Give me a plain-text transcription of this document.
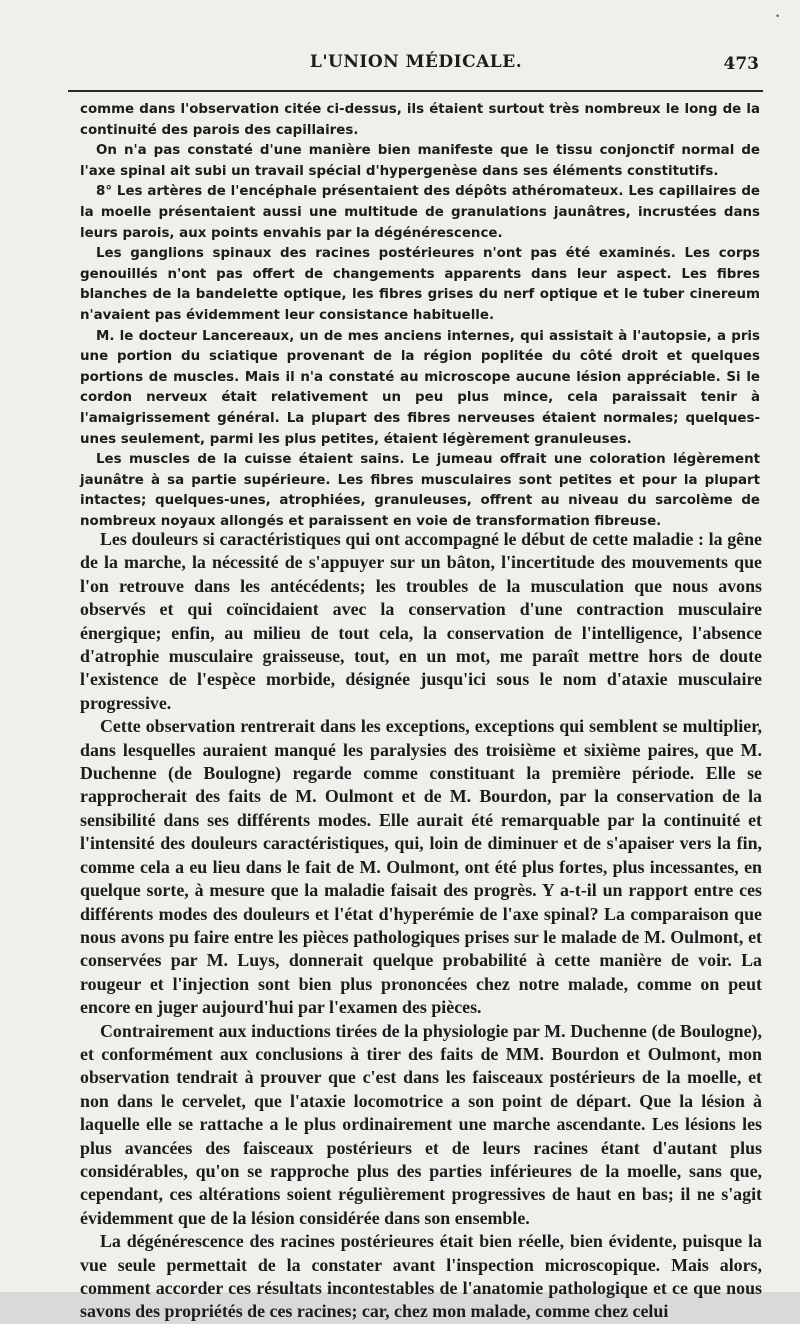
•
L'UNION MÉDICALE.	473

comme dans l'observation citée ci-dessus, ils étaient surtout très nombreux le long de la continuité des parois des capillaires.

On n'a pas constaté d'une manière bien manifeste que le tissu conjonctif normal de l'axe spinal ait subi un travail spécial d'hypergenèse dans ses éléments constitutifs.

8° Les artères de l'encéphale présentaient des dépôts athéromateux. Les capillaires de la moelle présentaient aussi une multitude de granulations jaunâtres, incrustées dans leurs parois, aux points envahis par la dégénérescence.

Les ganglions spinaux des racines postérieures n'ont pas été examinés. Les corps genouillés n'ont pas offert de changements apparents dans leur aspect. Les fibres blanches de la bandelette optique, les fibres grises du nerf optique et le tuber cinereum n'avaient pas évidemment leur consistance habituelle.

M. le docteur Lancereaux, un de mes anciens internes, qui assistait à l'autopsie, a pris une portion du sciatique provenant de la région poplitée du côté droit et quelques portions de muscles. Mais il n'a constaté au microscope aucune lésion appréciable. Si le cordon nerveux était relativement un peu plus mince, cela paraissait tenir à l'amaigrissement général. La plupart des fibres nerveuses étaient normales; quelques-unes seulement, parmi les plus petites, étaient légèrement granuleuses.

Les muscles de la cuisse étaient sains. Le jumeau offrait une coloration légèrement jaunâtre à sa partie supérieure. Les fibres musculaires sont petites et pour la plupart intactes; quelques-unes, atrophiées, granuleuses, offrent au niveau du sarcolème de nombreux noyaux allongés et paraissent en voie de transformation fibreuse.

Les douleurs si caractéristiques qui ont accompagné le début de cette maladie : la gêne de la marche, la nécessité de s'appuyer sur un bâton, l'incertitude des mouvements que l'on retrouve dans les antécédents; les troubles de la musculation que nous avons observés et qui coïncidaient avec la conservation d'une contraction musculaire énergique; enfin, au milieu de tout cela, la conservation de l'intelligence, l'absence d'atrophie musculaire graisseuse, tout, en un mot, me paraît mettre hors de doute l'existence de l'espèce morbide, désignée jusqu'ici sous le nom d'ataxie musculaire progressive.

Cette observation rentrerait dans les exceptions, exceptions qui semblent se multiplier, dans lesquelles auraient manqué les paralysies des troisième et sixième paires, que M. Duchenne (de Boulogne) regarde comme constituant la première période. Elle se rapprocherait des faits de M. Oulmont et de M. Bourdon, par la conservation de la sensibilité dans ses différents modes. Elle aurait été remarquable par la continuité et l'intensité des douleurs caractéristiques, qui, loin de diminuer et de s'apaiser vers la fin, comme cela a eu lieu dans le fait de M. Oulmont, ont été plus fortes, plus incessantes, en quelque sorte, à mesure que la maladie faisait des progrès. Y a-t-il un rapport entre ces différents modes des douleurs et l'état d'hyperémie de l'axe spinal? La comparaison que nous avons pu faire entre les pièces pathologiques prises sur le malade de M. Oulmont, et conservées par M. Luys, donnerait quelque probabilité à cette manière de voir. La rougeur et l'injection sont bien plus prononcées chez notre malade, comme on peut encore en juger aujourd'hui par l'examen des pièces.

Contrairement aux inductions tirées de la physiologie par M. Duchenne (de Boulogne), et conformément aux conclusions à tirer des faits de MM. Bourdon et Oulmont, mon observation tendrait à prouver que c'est dans les faisceaux postérieurs de la moelle, et non dans le cervelet, que l'ataxie locomotrice a son point de départ. Que la lésion à laquelle elle se rattache a le plus ordinairement une marche ascendante. Les lésions les plus avancées des faisceaux postérieurs et de leurs racines étant d'autant plus considérables, qu'on se rapproche plus des parties inférieures de la moelle, sans que, cependant, ces altérations soient régulièrement progressives de haut en bas; il ne s'agit évidemment que de la lésion considérée dans son ensemble.

La dégénérescence des racines postérieures était bien réelle, bien évidente, puisque la vue seule permettait de la constater avant l'inspection microscopique. Mais alors, comment accorder ces résultats incontestables de l'anatomie pathologique et ce que nous savons des propriétés de ces racines; car, chez mon malade, comme chez celui
